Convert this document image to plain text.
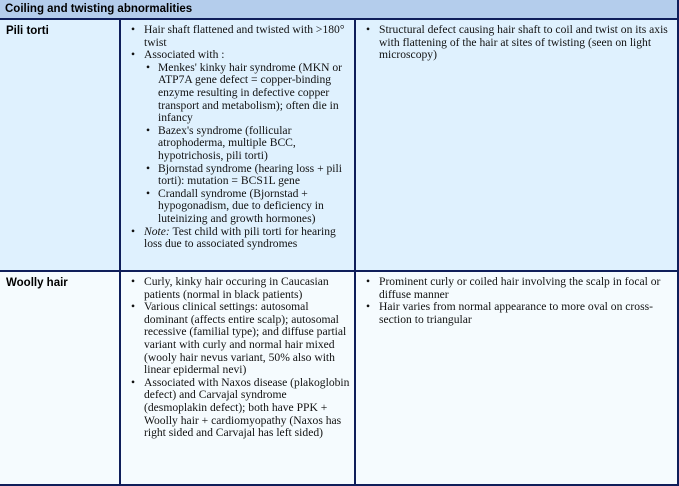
Coiling and twisting abnormalities
Pili torti	• Hair shaft flattened and twisted with >180° twist
• Associated with :
• Menkes' kinky hair syndrome (MKN or ATP7A gene defect = copper-binding enzyme resulting in defective copper transport and metabolism); often die in infancy
• Bazex's syndrome (follicular atrophoderma, multiple BCC, hypotrichosis, pili torti)
• Bjornstad syndrome (hearing loss + pili torti): mutation = BCS1L gene
• Crandall syndrome (Bjornstad + hypogonadism, due to deficiency in luteinizing and growth hormones)
• Note: Test child with pili torti for hearing loss due to associated syndromes
• Structural defect causing hair shaft to coil and twist on its axis with flattening of the hair at sites of twisting (seen on light microscopy)
Woolly hair	• Curly, kinky hair occuring in Caucasian patients (normal in black patients)
• Various clinical settings: autosomal dominant (affects entire scalp); autosomal recessive (familial type); and diffuse partial variant with curly and normal hair mixed (wooly hair nevus variant, 50% also with linear epidermal nevi)
• Associated with Naxos disease (plakoglobin defect) and Carvajal syndrome (desmoplakin defect); both have PPK + Woolly hair + cardiomyopathy (Naxos has right sided and Carvajal has left sided)
• Prominent curly or coiled hair involving the scalp in focal or diffuse manner
• Hair varies from normal appearance to more oval on cross-section to triangular
